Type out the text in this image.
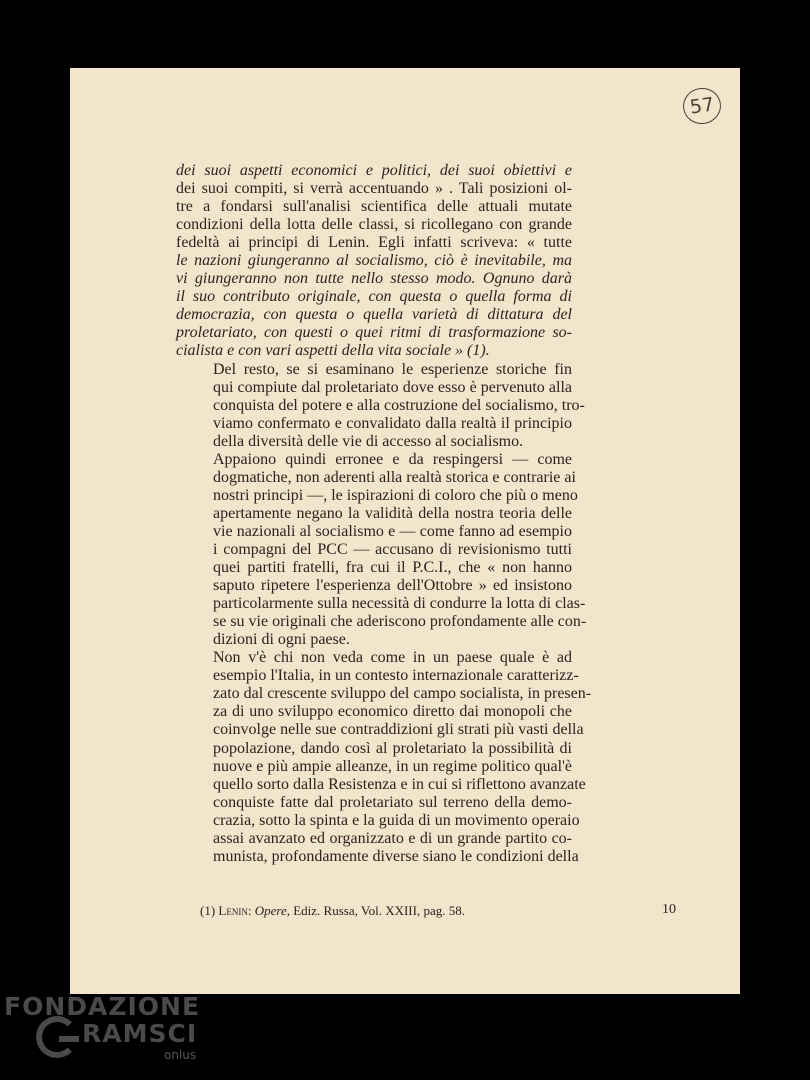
57

dei suoi aspetti economici e politici, dei suoi obiettivi e
dei suoi compiti, si verrà accentuando » . Tali posizioni ol-
tre a fondarsi sull'analisi scientifica delle attuali mutate
condizioni della lotta delle classi, si ricollegano con grande
fedeltà ai principi di Lenin. Egli infatti scriveva: « tutte
le nazioni giungeranno al socialismo, ciò è inevitabile, ma
vi giungeranno non tutte nello stesso modo. Ognuno darà
il suo contributo originale, con questa o quella forma di
democrazia, con questa o quella varietà di dittatura del
proletariato, con questi o quei ritmi di trasformazione so-
cialista e con vari aspetti della vita sociale » (1).

Del resto, se si esaminano le esperienze storiche fin
qui compiute dal proletariato dove esso è pervenuto alla
conquista del potere e alla costruzione del socialismo, tro-
viamo confermato e convalidato dalla realtà il principio
della diversità delle vie di accesso al socialismo.

Appaiono quindi erronee e da respingersi — come
dogmatiche, non aderenti alla realtà storica e contrarie ai
nostri principi —, le ispirazioni di coloro che più o meno
apertamente negano la validità della nostra teoria delle
vie nazionali al socialismo e — come fanno ad esempio
i compagni del PCC — accusano di revisionismo tutti
quei partiti fratelli, fra cui il P.C.I., che « non hanno
saputo ripetere l'esperienza dell'Ottobre » ed insistono
particolarmente sulla necessità di condurre la lotta di clas-
se su vie originali che aderiscono profondamente alle con-
dizioni di ogni paese.

Non v'è chi non veda come in un paese quale è ad
esempio l'Italia, in un contesto internazionale caratterizz-
zato dal crescente sviluppo del campo socialista, in presen-
za di uno sviluppo economico diretto dai monopoli che
coinvolge nelle sue contraddizioni gli strati più vasti della
popolazione, dando così al proletariato la possibilità di
nuove e più ampie alleanze, in un regime politico qual'è
quello sorto dalla Resistenza e in cui si riflettono avanzate
conquiste fatte dal proletariato sul terreno della demo-
crazia, sotto la spinta e la guida di un movimento operaio
assai avanzato ed organizzato e di un grande partito co-
munista, profondamente diverse siano le condizioni della

(1) Lenin: Opere, Ediz. Russa, Vol. XXIII, pag. 58.	10
FONDAZIONE
RAMSCI
onlus
